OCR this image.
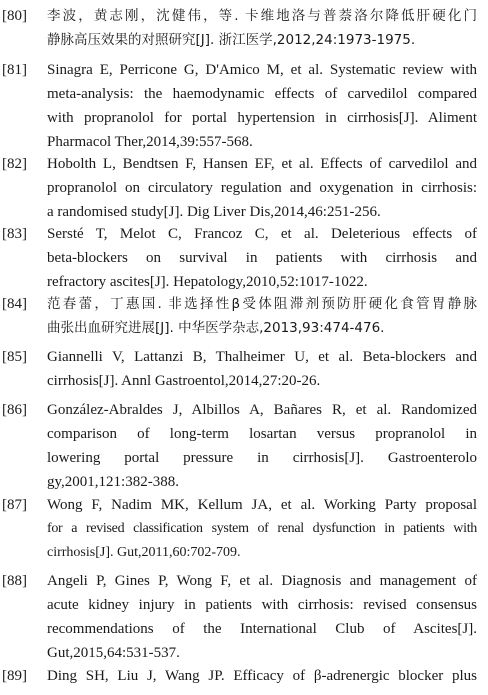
[80] 李波，黄志刚，沈健伟，等. 卡维地洛与普萘洛尔降低肝硬化门
静脉高压效果的对照研究[J]. 浙江医学,2012,24:1973-1975.
[81] Sinagra E, Perricone G, D'Amico M, et al. Systematic review with
meta-analysis: the haemodynamic effects of carvedilol compared
with propranolol for portal hypertension in cirrhosis[J]. Aliment
Pharmacol Ther,2014,39:557-568.
[82] Hobolth L, Bendtsen F, Hansen EF, et al. Effects of carvedilol and
propranolol on circulatory regulation and oxygenation in cirrhosis:
a randomised study[J]. Dig Liver Dis,2014,46:251-256.
[83] Sersté T, Melot C, Francoz C, et al. Deleterious effects of
beta-blockers on survival in patients with cirrhosis and
refractory ascites[J]. Hepatology,2010,52:1017-1022.
[84] 范春蕾，丁惠国. 非选择性β受体阻滞剂预防肝硬化食管胃静脉
曲张出血研究进展[J]. 中华医学杂志,2013,93:474-476.
[85] Giannelli V, Lattanzi B, Thalheimer U, et al. Beta-blockers and
cirrhosis[J]. Annl Gastroentol,2014,27:20-26.
[86] González-Abraldes J, Albillos A, Bañares R, et al. Randomized
comparison of long-term losartan versus propranolol in
lowering portal pressure in cirrhosis[J]. Gastroenterolo
gy,2001,121:382-388.
[87] Wong F, Nadim MK, Kellum JA, et al. Working Party proposal
for a revised classification system of renal dysfunction in patients with
cirrhosis[J]. Gut,2011,60:702-709.
[88] Angeli P, Gines P, Wong F, et al. Diagnosis and management of
acute kidney injury in patients with cirrhosis: revised consensus
recommendations of the International Club of Ascites[J].
Gut,2015,64:531-537.
[89] Ding SH, Liu J, Wang JP. Efficacy of β-adrenergic blocker plus
